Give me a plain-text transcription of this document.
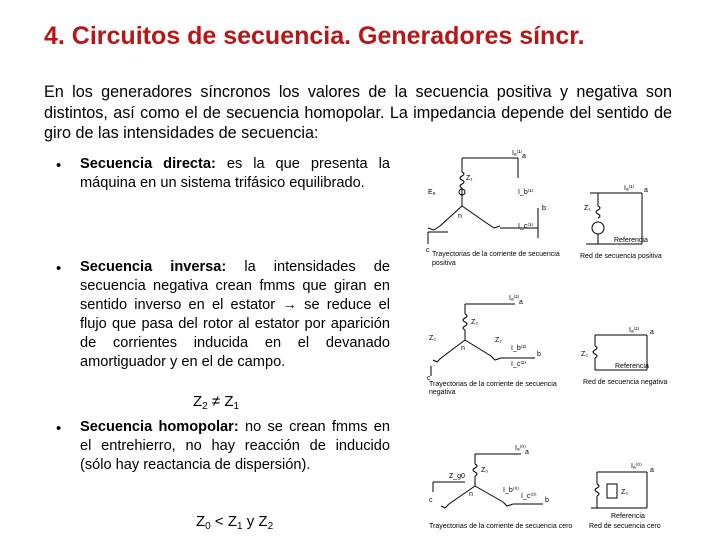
4. Circuitos de secuencia. Generadores síncr.
En los generadores síncronos los valores de la secuencia positiva y negativa son distintos, así como el de secuencia homopolar. La impedancia depende del sentido de giro de las intensidades de secuencia:
• Secuencia directa: es la que presenta la máquina en un sistema trifásico equilibrado.
• Secuencia inversa: la intensidades de secuencia negativa crean fmms que giran en sentido inverso en el estator → se reduce el flujo que pasa del rotor al estator por aparición de corrientes inducida en el devanado amortiguador y en el de campo.
$Z_2 \ne Z_1$
• Secuencia homopolar: no se crean fmms en el entrehierro, no hay reacción de inducido (sólo hay reactancia de dispersión).
$Z_0 < Z_1$ y $Z_2$
Iₐ⁽¹⁾
Z₁
Eₐ	I_b⁽¹⁾
I_c⁽¹⁾
n
a
b
c
Z₁
Iₐ⁽¹⁾ a
Referencia
Trayectorias de la corriente de secuencia
positiva
Red de secuencia positiva
Iₐ⁽²⁾
Z₂
Z₂	Z₂
I_b⁽²⁾
I_c⁽²⁾
n
a
b
c
Z₂
Iₐ⁽²⁾ a
Referencia
Trayectorias de la corriente de secuencia
negativa
Red de secuencia negativa
Iₐ⁽⁰⁾
Z₀
Z_g0
I_b⁽⁰⁾
I_c⁽⁰⁾
n
a
b
c
Z₀
Iₐ⁽⁰⁾
a
Referencia
Trayectorias de la corriente de secuencia cero Red de secuencia cero
